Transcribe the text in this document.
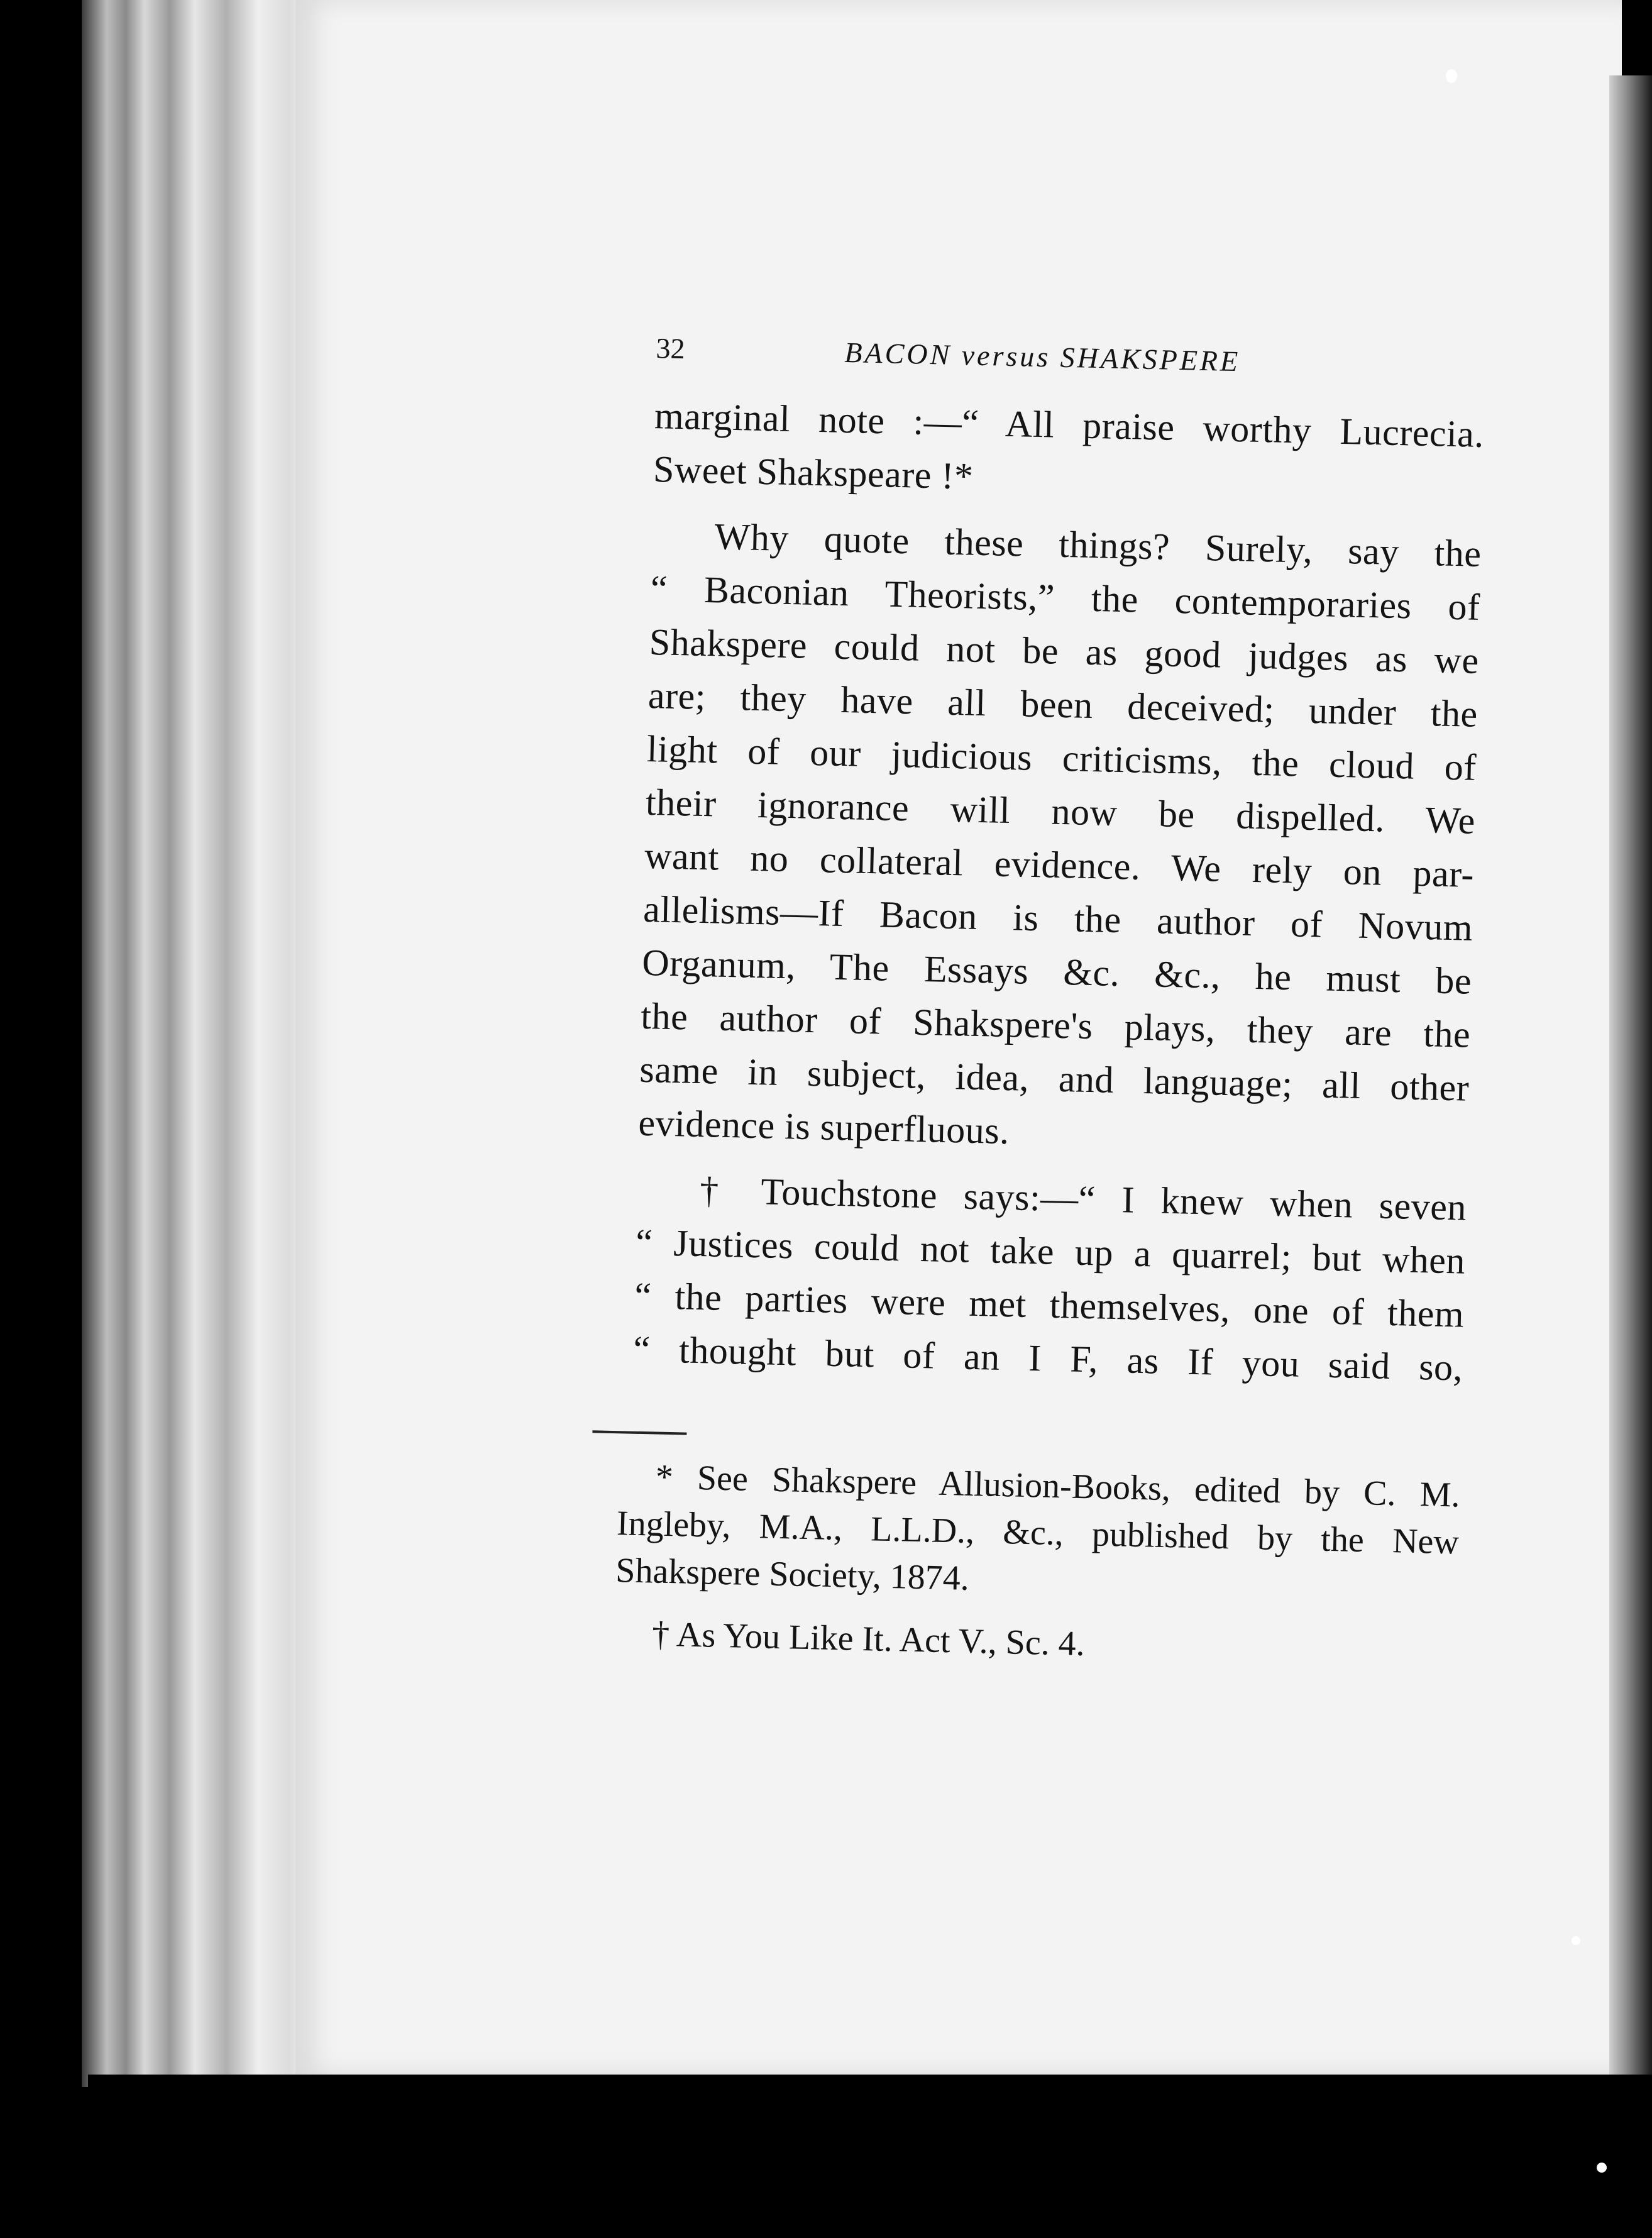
32	BACON versus SHAKSPERE
marginal note :—“ All praise worthy Lucrecia.
Sweet Shakspeare !*
Why quote these things? Surely, say the
“ Baconian Theorists,” the contemporaries of
Shakspere could not be as good judges as we
are; they have all been deceived; under the
light of our judicious criticisms, the cloud of
their ignorance will now be dispelled. We
want no collateral evidence. We rely on par-
allelisms—If Bacon is the author of Novum
Organum, The Essays &c. &c., he must be
the author of Shakspere's plays, they are the
same in subject, idea, and language; all other
evidence is superfluous.
† Touchstone says:—“ I knew when seven
“ Justices could not take up a quarrel; but when
“ the parties were met themselves, one of them
“ thought but of an I F, as If you said so,
* See Shakspere Allusion-Books, edited by C. M.
Ingleby, M.A., L.L.D., &c., published by the New
Shakspere Society, 1874.
† As You Like It. Act V., Sc. 4.
